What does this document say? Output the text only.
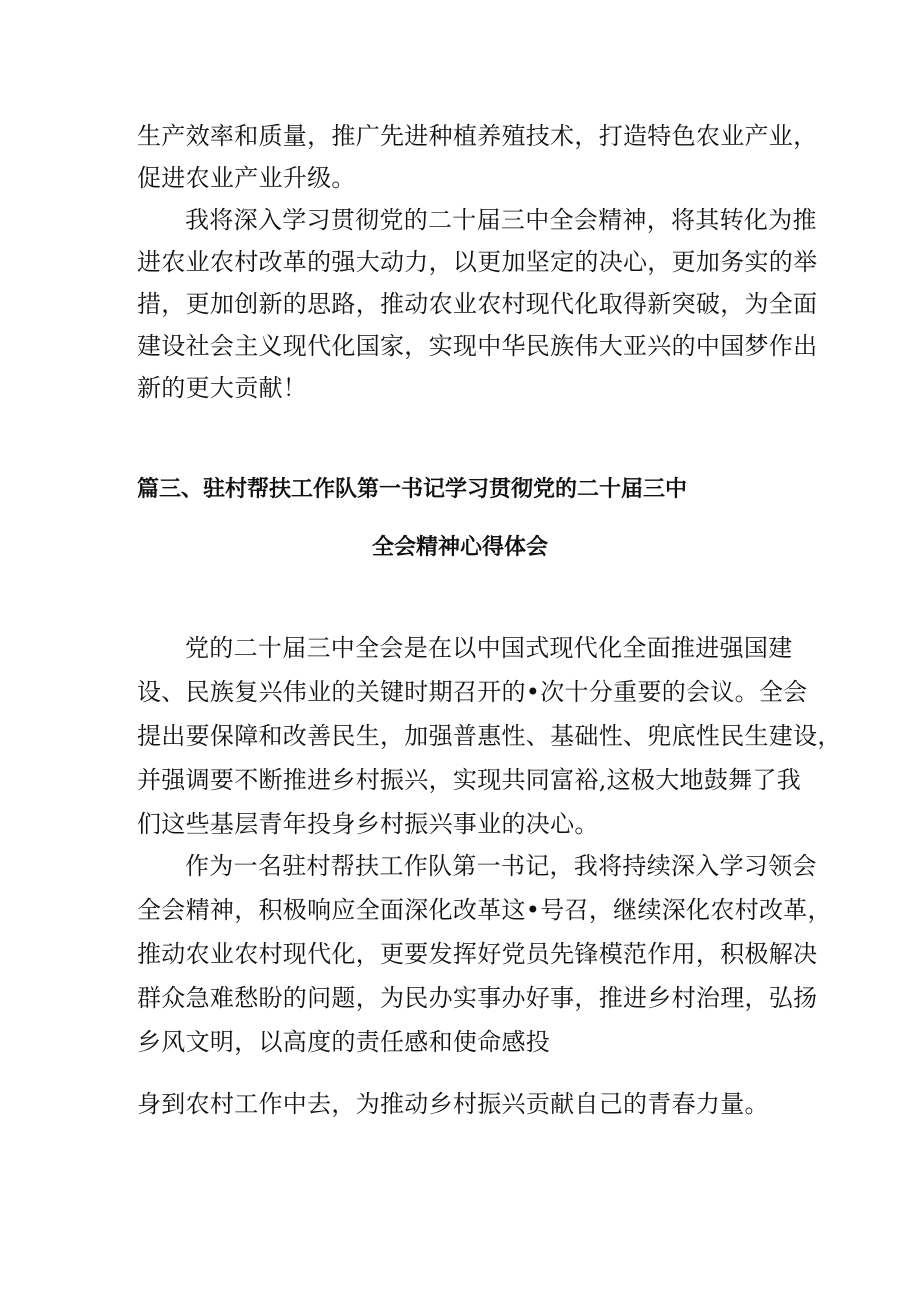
生产效率和质量，推广先进种植养殖技术，打造特色农业产业，
促进农业产业升级。
我将深入学习贯彻党的二十届三中全会精神，将其转化为推
进农业农村改革的强大动力，以更加坚定的决心，更加务实的举
措，更加创新的思路，推动农业农村现代化取得新突破，为全面
建设社会主义现代化国家，实现中华民族伟大亚兴的中国梦作出
新的更大贡献！
篇三、驻村帮扶工作队第一书记学习贯彻党的二十届三中
全会精神心得体会
党的二十届三中全会是在以中国式现代化全面推进强国建
设、民族复兴伟业的关键时期召开的•次十分重要的会议。全会
提出要保障和改善民生，加强普惠性、基础性、兜底性民生建设，
并强调要不断推进乡村振兴，实现共同富裕,这极大地鼓舞了我
们这些基层青年投身乡村振兴事业的决心。
作为一名驻村帮扶工作队第一书记，我将持续深入学习领会
全会精神，积极响应全面深化改革这•号召，继续深化农村改革，
推动农业农村现代化，更要发挥好党员先锋模范作用，积极解决
群众急难愁盼的问题，为民办实事办好事，推进乡村治理，弘扬
乡风文明，以高度的责任感和使命感投
身到农村工作中去，为推动乡村振兴贡献自己的青春力量。
